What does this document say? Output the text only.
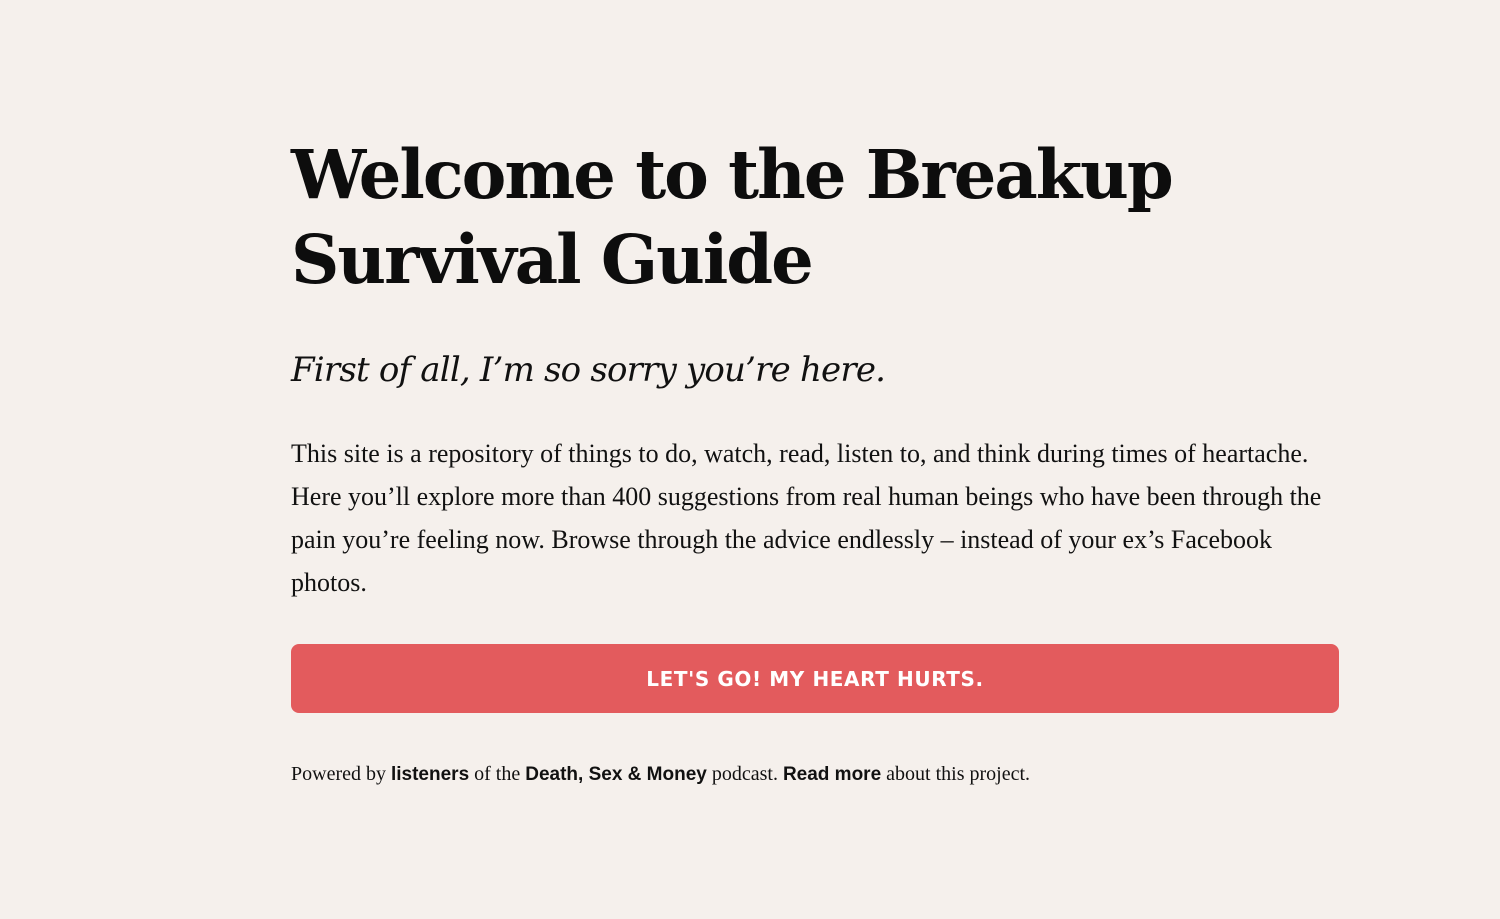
Welcome to the Breakup
Survival Guide

First of all, I’m so sorry you’re here.

This site is a repository of things to do, watch, read, listen to, and think during times of heartache. Here you’ll explore more than 400 suggestions from real human beings who have been through the pain you’re feeling now. Browse through the advice endlessly – instead of your ex’s Facebook photos.

LET'S GO! MY HEART HURTS.

Powered by listeners of the Death, Sex & Money podcast. Read more about this project.
